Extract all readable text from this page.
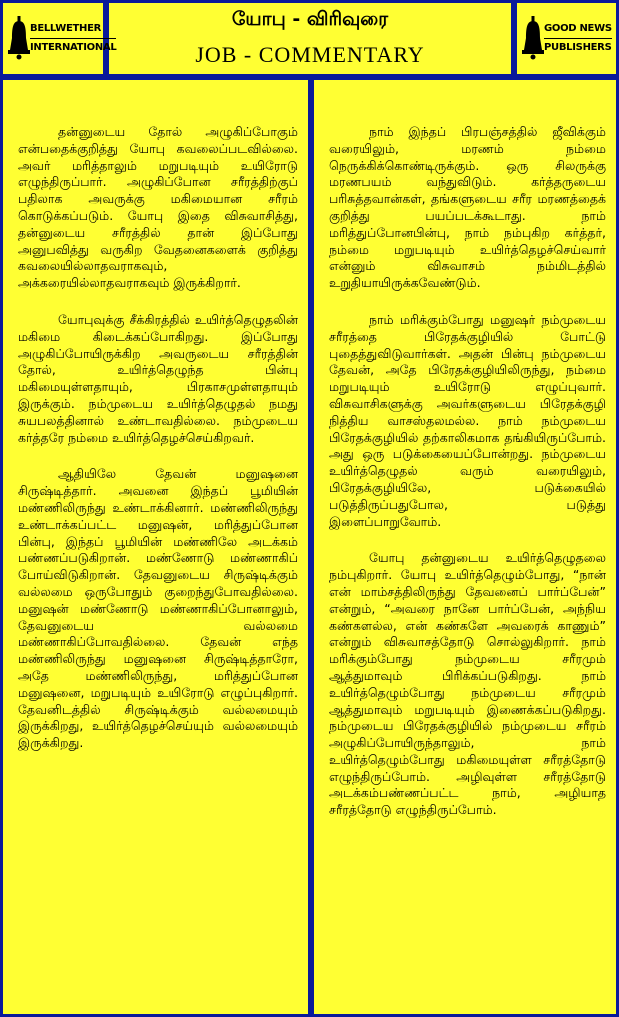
BELLWETHER
INTERNATIONAL
யோபு - விரிவுரை
JOB - COMMENTARY
GOOD NEWS
PUBLISHERS

தன்னுடைய தோல் அழுகிப்போகும் என்பதைக்குறித்து யோபு கவலைப்படவில்லை. அவர் மரித்தாலும் மறுபடியும் உயிரோடு எழுந்திருப்பார். அழுகிப்போன சரீரத்திற்குப் பதிலாக அவருக்கு மகிமையான சரீரம் கொடுக்கப்படும். யோபு இதை விசுவாசித்து, தன்னுடைய சரீரத்தில் தான் இப்போது அனுபவித்து வருகிற வேதனைகளைக் குறித்து கவலையில்லாதவராகவும், அக்கரையில்லாதவராகவும் இருக்கிறார்.

யோபுவுக்கு சீக்கிரத்தில் உயிர்த்தெழுதலின் மகிமை கிடைக்கப்போகிறது. இப்போது அழுகிப்போயிருக்கிற அவருடைய சரீரத்தின் தோல், உயிர்த்தெழுந்த பின்பு மகிமையுள்ளதாயும், பிரகாசமுள்ளதாயும் இருக்கும். நம்முடைய உயிர்த்தெழுதல் நமது சுயபலத்தினால் உண்டாவதில்லை. நம்முடைய கர்த்தரே நம்மை உயிர்த்தெழச்செய்கிறவர்.

ஆதியிலே தேவன் மனுஷனை சிருஷ்டித்தார். அவனை இந்தப் பூமியின் மண்ணிலிருந்து உண்டாக்கினார். மண்ணிலிருந்து உண்டாக்கப்பட்ட மனுஷன், மரித்துப்போன பின்பு, இந்தப் பூமியின் மண்ணிலே அடக்கம் பண்ணப்படுகிறான். மண்ணோடு மண்ணாகிப் போய்விடுகிறான். தேவனுடைய சிருஷ்டிக்கும் வல்லமை ஒருபோதும் குறைந்துபோவதில்லை. மனுஷன் மண்ணோடு மண்ணாகிப்போனாலும், தேவனுடைய வல்லமை மண்ணாகிப்போவதில்லை. தேவன் எந்த மண்ணிலிருந்து மனுஷனை சிருஷ்டித்தாரோ, அதே மண்ணிலிருந்து, மரித்துப்போன மனுஷனை, மறுபடியும் உயிரோடு எழுப்புகிறார். தேவனிடத்தில் சிருஷ்டிக்கும் வல்லமையும் இருக்கிறது, உயிர்த்தெழச்செய்யும் வல்லமையும் இருக்கிறது.

நாம் இந்தப் பிரபஞ்சத்தில் ஜீவிக்கும் வரையிலும், மரணம் நம்மை நெருக்கிக்கொண்டிருக்கும். ஒரு சிலருக்கு மரணபயம் வந்துவிடும். கர்த்தருடைய பரிசுத்தவான்கள், தங்களுடைய சரீர மரணத்தைக் குறித்து பயப்படக்கூடாது. நாம் மரித்துப்போனபின்பு, நாம் நம்புகிற கர்த்தர், நம்மை மறுபடியும் உயிர்த்தெழச்செய்வார் என்னும் விசுவாசம் நம்மிடத்தில் உறுதியாயிருக்கவேண்டும்.

நாம் மரிக்கும்போது மனுஷர் நம்முடைய சரீரத்தை பிரேதக்குழியில் போட்டு புதைத்துவிடுவார்கள். அதன் பின்பு நம்முடைய தேவன், அதே பிரேதக்குழியிலிருந்து, நம்மை மறுபடியும் உயிரோடு எழுப்புவார். விசுவாசிகளுக்கு அவர்களுடைய பிரேதக்குழி நித்திய வாசஸ்தலமல்ல. நாம் நம்முடைய பிரேதக்குழியில் தற்காலிகமாக தங்கியிருப்போம். அது ஒரு படுக்கையைப்போன்றது. நம்முடைய உயிர்த்தெழுதல் வரும் வரையிலும், பிரேதக்குழியிலே, படுக்கையில் படுத்திருப்பதுபோல, படுத்து இளைப்பாறுவோம்.

யோபு தன்னுடைய உயிர்த்தெழுதலை நம்புகிறார். யோபு உயிர்த்தெழும்போது, “நான் என் மாம்சத்திலிருந்து தேவனைப் பார்ப்பேன்” என்றும், “அவரை நானே பார்ப்பேன், அந்நிய கண்களல்ல, என் கண்களே அவரைக் காணும்” என்றும் விசுவாசத்தோடு சொல்லுகிறார். நாம் மரிக்கும்போது நம்முடைய சரீரமும் ஆத்துமாவும் பிரிக்கப்படுகிறது. நாம் உயிர்த்தெழும்போது நம்முடைய சரீரமும் ஆத்துமாவும் மறுபடியும் இணைக்கப்படுகிறது. நம்முடைய பிரேதக்குழியில் நம்முடைய சரீரம் அழுகிப்போயிருந்தாலும், நாம் உயிர்த்தெழும்போது மகிமையுள்ள சரீரத்தோடு எழுந்திருப்போம். அழிவுள்ள சரீரத்தோடு அடக்கம்பண்ணப்பட்ட நாம், அழியாத சரீரத்தோடு எழுந்திருப்போம்.
